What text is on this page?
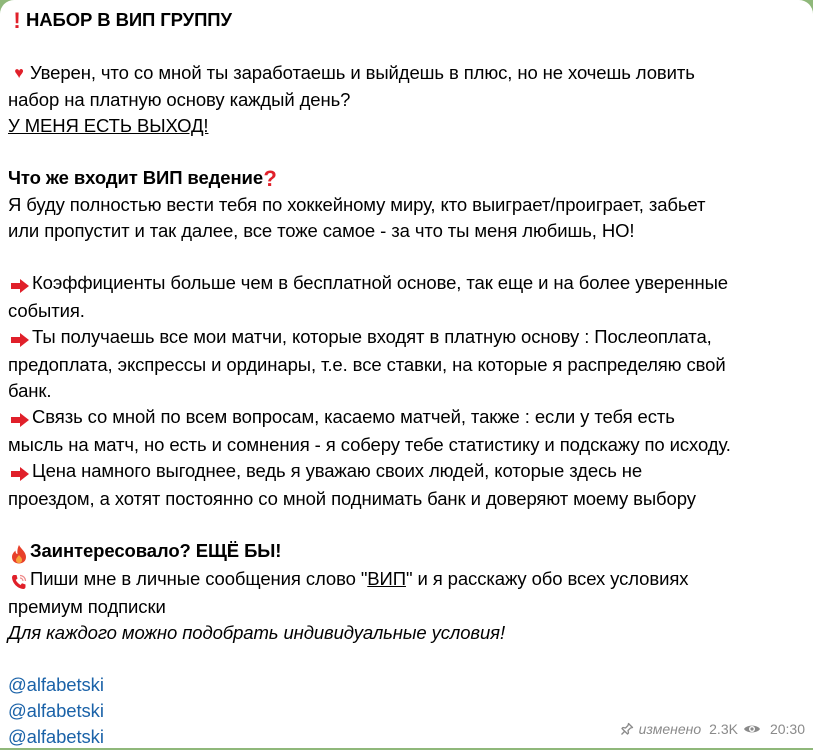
! НАБОР В ВИП ГРУППУ
♥ Уверен, что со мной ты заработаешь и выйдешь в плюс, но не хочешь ловить
набор на платную основу каждый день?
У МЕНЯ ЕСТЬ ВЫХОД!
Что же входит ВИП ведение?
Я буду полностью вести тебя по хоккейному миру, кто выиграет/проиграет, забьет
или пропустит и так далее, все тоже самое - за что ты меня любишь, НО!
Коэффициенты больше чем в бесплатной основе, так еще и на более уверенные
события.
Ты получаешь все мои матчи, которые входят в платную основу : Послеоплата,
предоплата, экспрессы и ординары, т.е. все ставки, на которые я распределяю свой
банк.
Связь со мной по всем вопросам, касаемо матчей, также : если у тебя есть
мысль на матч, но есть и сомнения - я соберу тебе статистику и подскажу по исходу.
Цена намного выгоднее, ведь я уважаю своих людей, которые здесь не
проездом, а хотят постоянно со мной поднимать банк и доверяют моему выбору
Заинтересовало? ЕЩЁ БЫ!
Пиши мне в личные сообщения слово "ВИП" и я расскажу обо всех условиях
премиум подписки
Для каждого можно подобрать индивидуальные условия!
@alfabetski
@alfabetski
@alfabetski	изменено 2.3K 20:30
